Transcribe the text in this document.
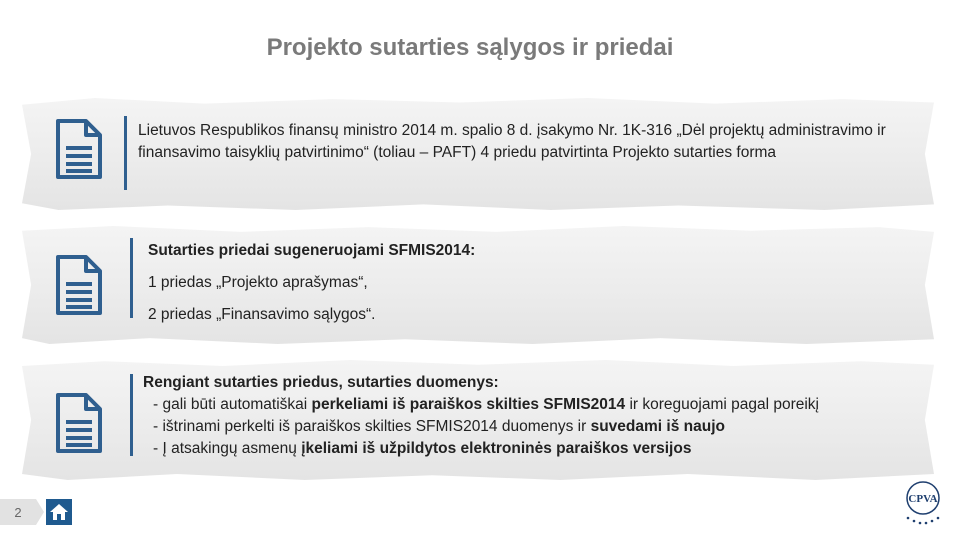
Projekto sutarties sąlygos ir priedai
Lietuvos Respublikos finansų ministro 2014 m. spalio 8 d. įsakymo Nr. 1K-316 „Dėl projektų administravimo ir finansavimo taisyklių patvirtinimo“ (toliau – PAFT) 4 priedu patvirtinta Projekto sutarties forma
Sutarties priedai sugeneruojami SFMIS2014:
1 priedas „Projekto aprašymas“,
2 priedas „Finansavimo sąlygos“.
Rengiant sutarties priedus, sutarties duomenys:
- gali būti automatiškai perkeliami iš paraiškos skilties SFMIS2014 ir koreguojami pagal poreikį
- ištrinami perkelti iš paraiškos skilties SFMIS2014 duomenys ir suvedami iš naujo
- Į atsakingų asmenų įkeliami iš užpildytos elektroninės paraiškos versijos
2
CPVA
